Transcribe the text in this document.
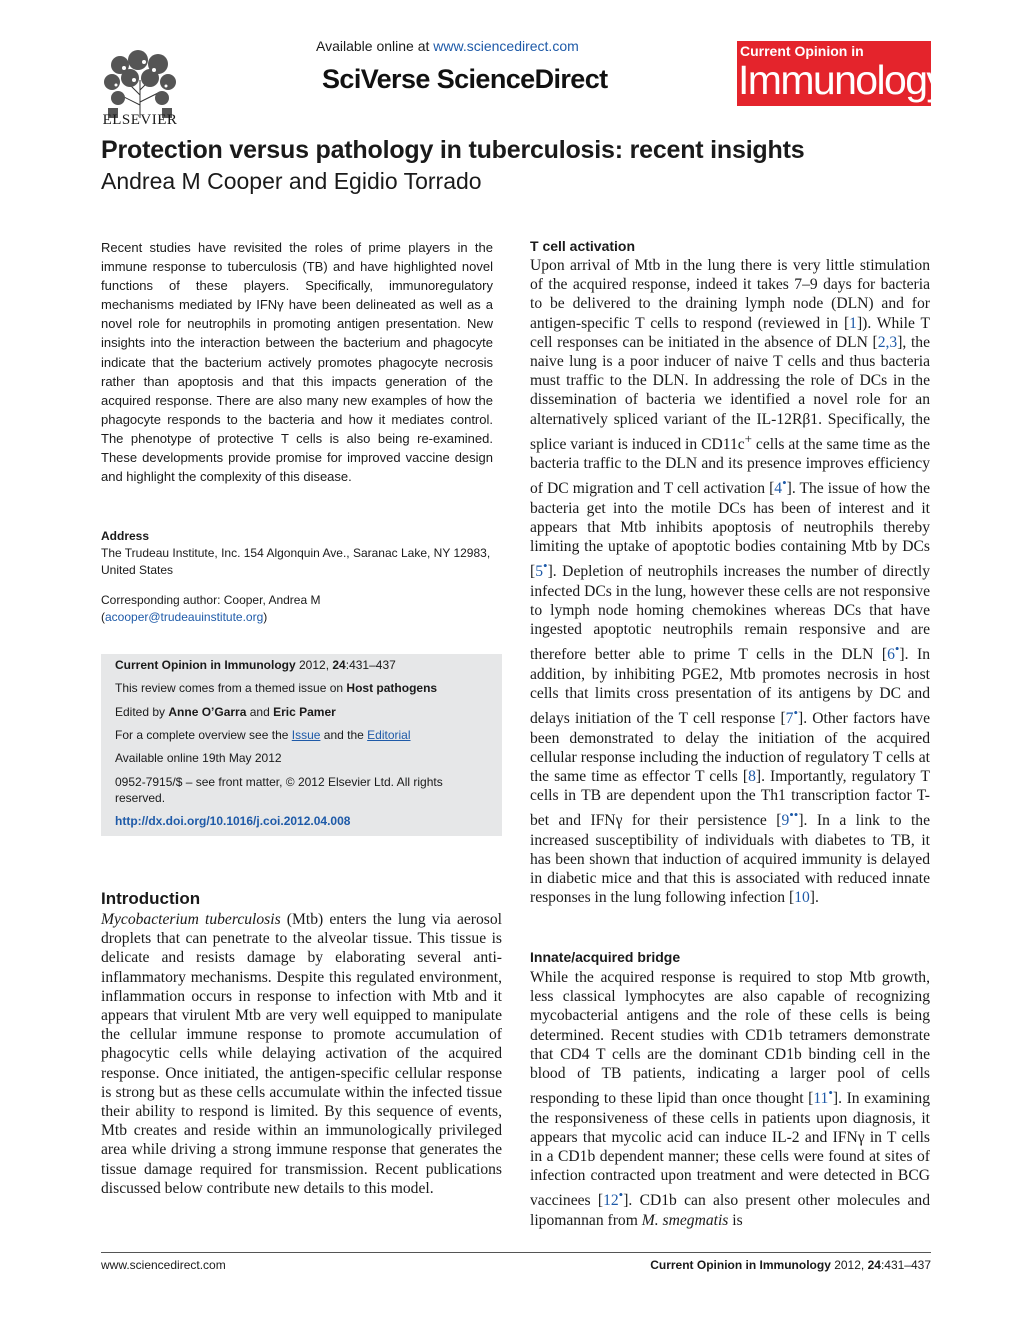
ELSEVIER
Available online at www.sciencedirect.com
SciVerse ScienceDirect
Current Opinion in
Immunology
Protection versus pathology in tuberculosis: recent insights
Andrea M Cooper and Egidio Torrado
Recent studies have revisited the roles of prime players in the immune response to tuberculosis (TB) and have highlighted novel functions of these players. Specifically, immunoregulatory mechanisms mediated by IFNγ have been delineated as well as a novel role for neutrophils in promoting antigen presentation. New insights into the interaction between the bacterium and phagocyte indicate that the bacterium actively promotes phagocyte necrosis rather than apoptosis and that this impacts generation of the acquired response. There are also many new examples of how the phagocyte responds to the bacteria and how it mediates control. The phenotype of protective T cells is also being re-examined. These developments provide promise for improved vaccine design and highlight the complexity of this disease.
Address
The Trudeau Institute, Inc. 154 Algonquin Ave., Saranac Lake, NY 12983, United States
Corresponding author: Cooper, Andrea M
(acooper@trudeauinstitute.org)
Current Opinion in Immunology 2012, 24:431–437
This review comes from a themed issue on Host pathogens
Edited by Anne O’Garra and Eric Pamer
For a complete overview see the Issue and the Editorial
Available online 19th May 2012
0952-7915/$ – see front matter, © 2012 Elsevier Ltd. All rights reserved.
http://dx.doi.org/10.1016/j.coi.2012.04.008
Introduction
Mycobacterium tuberculosis (Mtb) enters the lung via aerosol droplets that can penetrate to the alveolar tissue. This tissue is delicate and resists damage by elaborating several anti-inflammatory mechanisms. Despite this regulated environment, inflammation occurs in response to infection with Mtb and it appears that virulent Mtb are very well equipped to manipulate the cellular immune response to promote accumulation of phagocytic cells while delaying activation of the acquired response. Once initiated, the antigen-specific cellular response is strong but as these cells accumulate within the infected tissue their ability to respond is limited. By this sequence of events, Mtb creates and reside within an immunologically privileged area while driving a strong immune response that generates the tissue damage required for transmission. Recent publications discussed below contribute new details to this model.
T cell activation
Upon arrival of Mtb in the lung there is very little stimulation of the acquired response, indeed it takes 7–9 days for bacteria to be delivered to the draining lymph node (DLN) and for antigen-specific T cells to respond (reviewed in [1]). While T cell responses can be initiated in the absence of DLN [2,3], the naive lung is a poor inducer of naive T cells and thus bacteria must traffic to the DLN. In addressing the role of DCs in the dissemination of bacteria we identified a novel role for an alternatively spliced variant of the IL-12Rβ1. Specifically, the splice variant is induced in CD11c+ cells at the same time as the bacteria traffic to the DLN and its presence improves efficiency of DC migration and T cell activation [4•]. The issue of how the bacteria get into the motile DCs has been of interest and it appears that Mtb inhibits apoptosis of neutrophils thereby limiting the uptake of apoptotic bodies containing Mtb by DCs [5•]. Depletion of neutrophils increases the number of directly infected DCs in the lung, however these cells are not responsive to lymph node homing chemokines whereas DCs that have ingested apoptotic neutrophils remain responsive and are therefore better able to prime T cells in the DLN [6•]. In addition, by inhibiting PGE2, Mtb promotes necrosis in host cells that limits cross presentation of its antigens by DC and delays initiation of the T cell response [7•]. Other factors have been demonstrated to delay the initiation of the acquired cellular response including the induction of regulatory T cells at the same time as effector T cells [8]. Importantly, regulatory T cells in TB are dependent upon the Th1 transcription factor T-bet and IFNγ for their persistence [9••]. In a link to the increased susceptibility of individuals with diabetes to TB, it has been shown that induction of acquired immunity is delayed in diabetic mice and that this is associated with reduced innate responses in the lung following infection [10].
Innate/acquired bridge
While the acquired response is required to stop Mtb growth, less classical lymphocytes are also capable of recognizing mycobacterial antigens and the role of these cells is being determined. Recent studies with CD1b tetramers demonstrate that CD4 T cells are the dominant CD1b binding cell in the blood of TB patients, indicating a larger pool of cells responding to these lipid than once thought [11•]. In examining the responsiveness of these cells in patients upon diagnosis, it appears that mycolic acid can induce IL-2 and IFNγ in T cells in a CD1b dependent manner; these cells were found at sites of infection contracted upon treatment and were detected in BCG vaccinees [12•]. CD1b can also present other molecules and lipomannan from M. smegmatis is
www.sciencedirect.com	Current Opinion in Immunology 2012, 24:431–437
